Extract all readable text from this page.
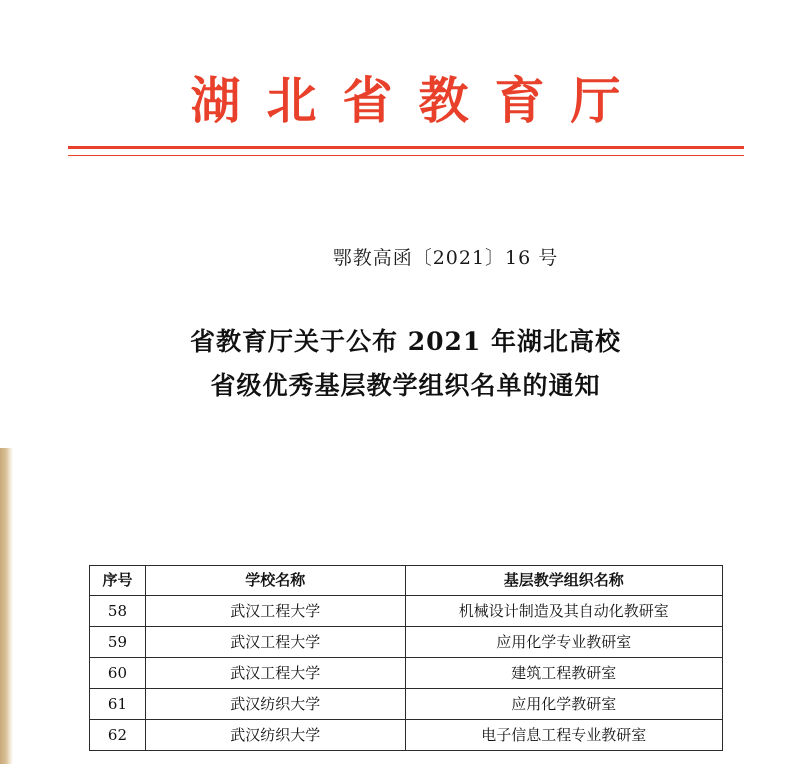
湖北省教育厅
鄂教高函〔2021〕16 号
省教育厅关于公布 2021 年湖北高校
省级优秀基层教学组织名单的通知
序号	学校名称	基层教学组织名称
58	武汉工程大学	机械设计制造及其自动化教研室
59	武汉工程大学	应用化学专业教研室
60	武汉工程大学	建筑工程教研室
61	武汉纺织大学	应用化学教研室
62	武汉纺织大学	电子信息工程专业教研室
